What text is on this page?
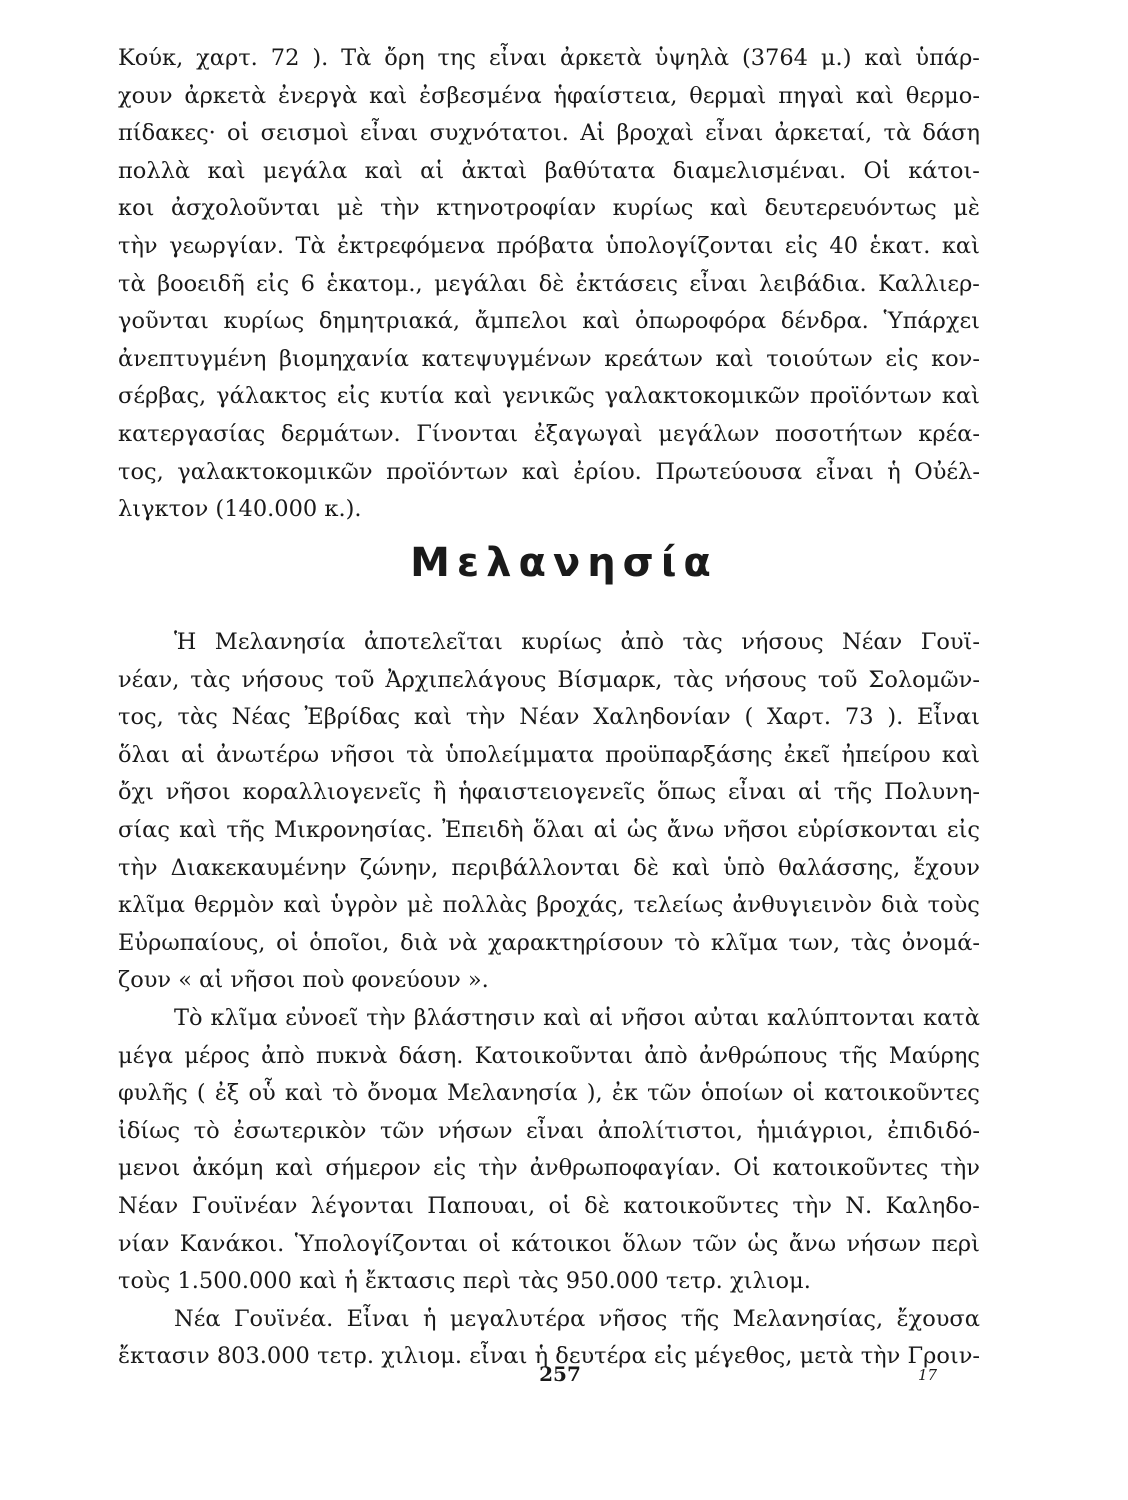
Κούκ, χαρτ. 72 ). Τὰ ὄρη της εἶναι ἀρκετὰ ὑψηλὰ (3764 μ.) καὶ ὑπάρ-
χουν ἀρκετὰ ἐνεργὰ καὶ ἐσβεσμένα ἡφαίστεια, θερμαὶ πηγαὶ καὶ θερμο-
πίδακες· οἱ σεισμοὶ εἶναι συχνότατοι. Αἱ βροχαὶ εἶναι ἀρκεταί, τὰ δάση
πολλὰ καὶ μεγάλα καὶ αἱ ἀκταὶ βαθύτατα διαμελισμέναι. Οἱ κάτοι-
κοι ἀσχολοῦνται μὲ τὴν κτηνοτροφίαν κυρίως καὶ δευτερευόντως μὲ
τὴν γεωργίαν. Τὰ ἐκτρεφόμενα πρόβατα ὑπολογίζονται εἰς 40 ἑκατ. καὶ
τὰ βοοειδῆ εἰς 6 ἑκατομ., μεγάλαι δὲ ἐκτάσεις εἶναι λειβάδια. Καλλιερ-
γοῦνται κυρίως δημητριακά, ἄμπελοι καὶ ὀπωροφόρα δένδρα. Ὑπάρχει
ἀνεπτυγμένη βιομηχανία κατεψυγμένων κρεάτων καὶ τοιούτων εἰς κον-
σέρβας, γάλακτος εἰς κυτία καὶ γενικῶς γαλακτοκομικῶν προϊόντων καὶ
κατεργασίας δερμάτων. Γίνονται ἐξαγωγαὶ μεγάλων ποσοτήτων κρέα-
τος, γαλακτοκομικῶν προϊόντων καὶ ἐρίου. Πρωτεύουσα εἶναι ἡ Οὐέλ-
λιγκτον (140.000 κ.).
Μελανησία
Ἡ Μελανησία ἀποτελεῖται κυρίως ἀπὸ τὰς νήσους Νέαν Γουϊ-
νέαν, τὰς νήσους τοῦ Ἀρχιπελάγους Βίσμαρκ, τὰς νήσους τοῦ Σολομῶν-
τος, τὰς Νέας Ἐβρίδας καὶ τὴν Νέαν Χαληδονίαν ( Χαρτ. 73 ). Εἶναι
ὅλαι αἱ ἀνωτέρω νῆσοι τὰ ὑπολείμματα προϋπαρξάσης ἐκεῖ ἠπείρου καὶ
ὄχι νῆσοι κοραλλιογενεῖς ἢ ἡφαιστειογενεῖς ὅπως εἶναι αἱ τῆς Πολυνη-
σίας καὶ τῆς Μικρονησίας. Ἐπειδὴ ὅλαι αἱ ὡς ἄνω νῆσοι εὑρίσκονται εἰς
τὴν Διακεκαυμένην ζώνην, περιβάλλονται δὲ καὶ ὑπὸ θαλάσσης, ἔχουν
κλῖμα θερμὸν καὶ ὑγρὸν μὲ πολλὰς βροχάς, τελείως ἀνθυγιεινὸν διὰ τοὺς
Εὐρωπαίους, οἱ ὁποῖοι, διὰ νὰ χαρακτηρίσουν τὸ κλῖμα των, τὰς ὀνομά-
ζουν « αἱ νῆσοι ποὺ φονεύουν ».
Τὸ κλῖμα εὐνοεῖ τὴν βλάστησιν καὶ αἱ νῆσοι αὐται καλύπτονται κατὰ
μέγα μέρος ἀπὸ πυκνὰ δάση. Κατοικοῦνται ἀπὸ ἀνθρώπους τῆς Μαύρης
φυλῆς ( ἐξ οὗ καὶ τὸ ὄνομα Μελανησία ), ἐκ τῶν ὁποίων οἱ κατοικοῦντες
ἰδίως τὸ ἐσωτερικὸν τῶν νήσων εἶναι ἀπολίτιστοι, ἡμιάγριοι, ἐπιδιδό-
μενοι ἀκόμη καὶ σήμερον εἰς τὴν ἀνθρωποφαγίαν. Οἱ κατοικοῦντες τὴν
Νέαν Γουϊνέαν λέγονται Παπουαι, οἱ δὲ κατοικοῦντες τὴν Ν. Καληδο-
νίαν Κανάκοι. Ὑπολογίζονται οἱ κάτοικοι ὅλων τῶν ὡς ἄνω νήσων περὶ
τοὺς 1.500.000 καὶ ἡ ἔκτασις περὶ τὰς 950.000 τετρ. χιλιομ.
Νέα Γουϊνέα. Εἶναι ἡ μεγαλυτέρα νῆσος τῆς Μελανησίας, ἔχουσα
ἔκτασιν 803.000 τετρ. χιλιομ. εἶναι ἡ δευτέρα εἰς μέγεθος, μετὰ τὴν Γροιν-
257	17
